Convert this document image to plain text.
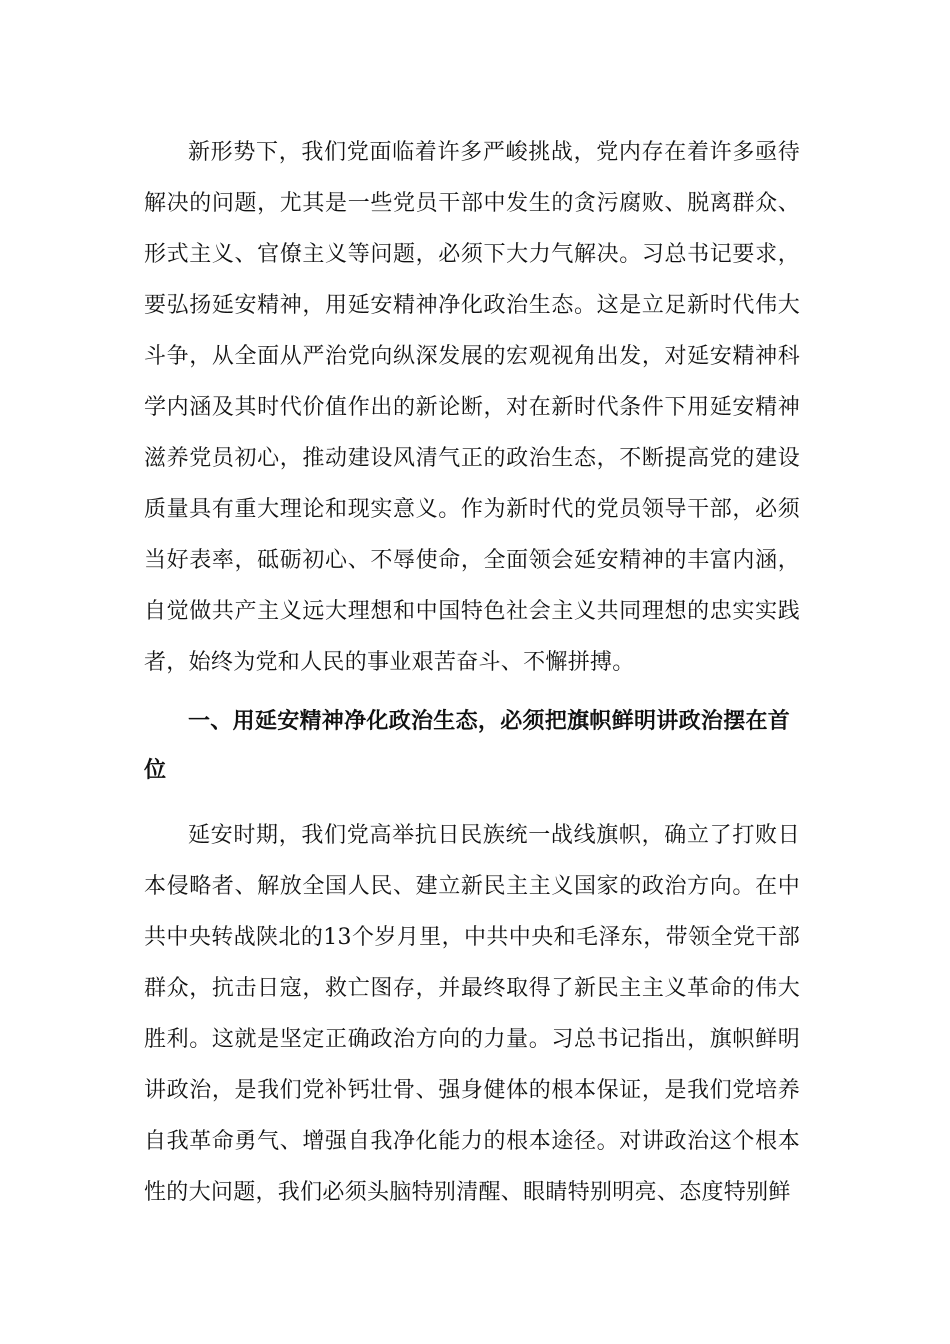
新形势下，我们党面临着许多严峻挑战，党内存在着许多亟待解决的问题，尤其是一些党员干部中发生的贪污腐败、脱离群众、形式主义、官僚主义等问题，必须下大力气解决。习总书记要求，要弘扬延安精神，用延安精神净化政治生态。这是立足新时代伟大斗争，从全面从严治党向纵深发展的宏观视角出发，对延安精神科学内涵及其时代价值作出的新论断，对在新时代条件下用延安精神滋养党员初心，推动建设风清气正的政治生态，不断提高党的建设质量具有重大理论和现实意义。作为新时代的党员领导干部，必须当好表率，砥砺初心、不辱使命，全面领会延安精神的丰富内涵，自觉做共产主义远大理想和中国特色社会主义共同理想的忠实实践者，始终为党和人民的事业艰苦奋斗、不懈拼搏。

一、用延安精神净化政治生态，必须把旗帜鲜明讲政治摆在首位

延安时期，我们党高举抗日民族统一战线旗帜，确立了打败日本侵略者、解放全国人民、建立新民主主义国家的政治方向。在中共中央转战陕北的13个岁月里，中共中央和毛泽东，带领全党干部群众，抗击日寇，救亡图存，并最终取得了新民主主义革命的伟大胜利。这就是坚定正确政治方向的力量。习总书记指出，旗帜鲜明讲政治，是我们党补钙壮骨、强身健体的根本保证，是我们党培养自我革命勇气、增强自我净化能力的根本途径。对讲政治这个根本性的大问题，我们必须头脑特别清醒、眼睛特别明亮、态度特别鲜
